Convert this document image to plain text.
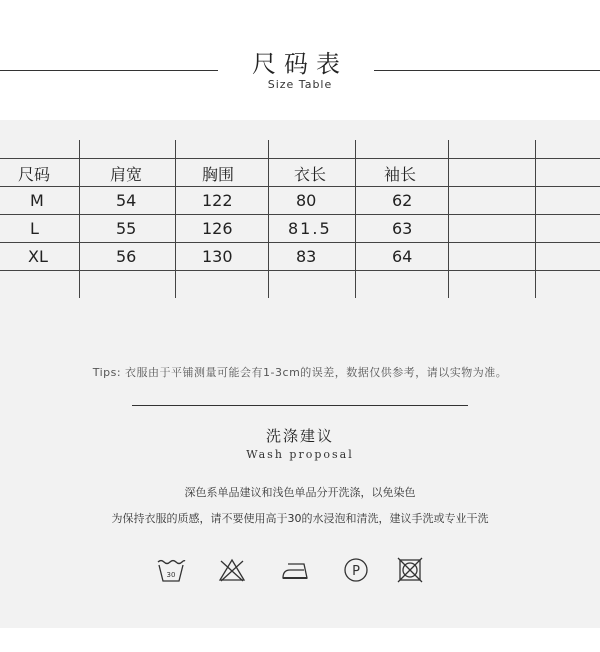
尺码表
Size Table
尺码	肩宽	胸围	衣长	袖长
M	54	122	80	62
L	55	126	81.5	63
XL	56	130	83	64
Tips: 衣服由于平铺测量可能会有1-3cm的误差，数据仅供参考，请以实物为准。
洗涤建议
Wash proposal
深色系单品建议和浅色单品分开洗涤，以免染色
为保持衣服的质感，请不要使用高于30的水浸泡和清洗，建议手洗或专业干洗
30	P
